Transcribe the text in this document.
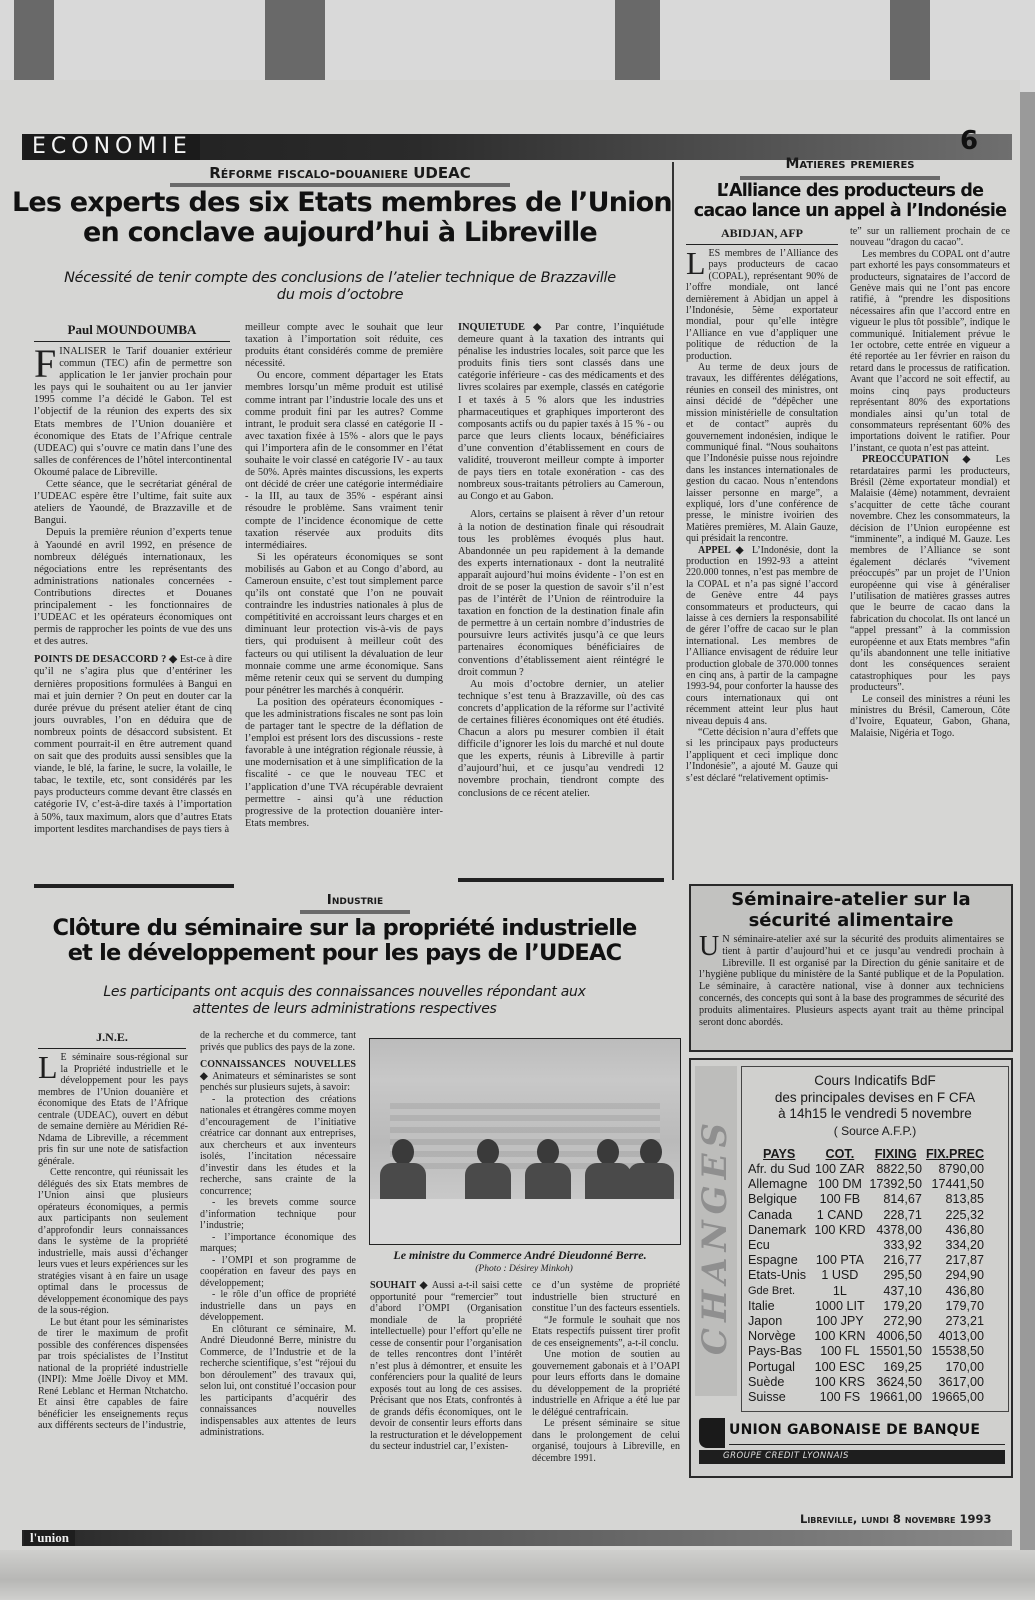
ECONOMIE	6
Réforme fiscalo-douaniere UDEAC
Les experts des six Etats membres de l’Union
en conclave aujourd’hui à Libreville
Nécessité de tenir compte des conclusions de l’atelier technique de Brazzaville
du mois d’octobre
Paul MOUNDOUMBA

FINALISER le Tarif douanier extérieur commun (TEC) afin de permettre son application le 1er janvier prochain pour les pays qui le souhaitent ou au 1er janvier 1995 comme l’a décidé le Gabon. Tel est l’objectif de la réunion des experts des six Etats membres de l’Union douanière et économique des Etats de l’Afrique centrale (UDEAC) qui s’ouvre ce matin dans l’une des salles de conférences de l’hôtel intercontinental Okoumé palace de Libreville.

Cette séance, que le secrétariat général de l’UDEAC espère être l’ultime, fait suite aux ateliers de Yaoundé, de Brazzaville et de Bangui.

Depuis la première réunion d’experts tenue à Yaoundé en avril 1992, en présence de nombreux délégués internationaux, les négociations entre les représentants des administrations nationales concernées - Contributions directes et Douanes principalement - les fonctionnaires de l’UDEAC et les opérateurs économiques ont permis de rapprocher les points de vue des uns et des autres.

POINTS DE DESACCORD ? ◆ Est-ce à dire qu’il ne s’agira plus que d’entériner les dernières propositions formulées à Bangui en mai et juin dernier ? On peut en douter car la durée prévue du présent atelier étant de cinq jours ouvrables, l’on en déduira que de nombreux points de désaccord subsistent. Et comment pourrait-il en être autrement quand on sait que des produits aussi sensibles que la viande, le blé, la farine, le sucre, la volaille, le tabac, le textile, etc, sont considérés par les pays producteurs comme devant être classés en catégorie IV, c’est-à-dire taxés à l’importation à 50%, taux maximum, alors que d’autres Etats importent lesdites marchandises de pays tiers à

meilleur compte avec le souhait que leur taxation à l’importation soit réduite, ces produits étant considérés comme de première nécessité.

Ou encore, comment départager les Etats membres lorsqu’un même produit est utilisé comme intrant par l’industrie locale des uns et comme produit fini par les autres? Comme intrant, le produit sera classé en catégorie II - avec taxation fixée à 15% - alors que le pays qui l’importera afin de le consommer en l’état souhaite le voir classé en catégorie IV - au taux de 50%. Après maintes discussions, les experts ont décidé de créer une catégorie intermédiaire - la III, au taux de 35% - espérant ainsi résoudre le problème. Sans vraiment tenir compte de l’incidence économique de cette taxation réservée aux produits dits intermédiaires.

Si les opérateurs économiques se sont mobilisés au Gabon et au Congo d’abord, au Cameroun ensuite, c’est tout simplement parce qu’ils ont constaté que l’on ne pouvait contraindre les industries nationales à plus de compétitivité en accroissant leurs charges et en diminuant leur protection vis-à-vis de pays tiers, qui produisent à meilleur coût des facteurs ou qui utilisent la dévaluation de leur monnaie comme une arme économique. Sans même retenir ceux qui se servent du dumping pour pénétrer les marchés à conquérir.

La position des opérateurs économiques - que les administrations fiscales ne sont pas loin de partager tant le spectre de la déflation de l’emploi est présent lors des discussions - reste favorable à une intégration régionale réussie, à une modernisation et à une simplification de la fiscalité - ce que le nouveau TEC et l’application d’une TVA récupérable devraient permettre - ainsi qu’à une réduction progressive de la protection douanière inter-Etats membres.

INQUIETUDE ◆ Par contre, l’inquiétude demeure quant à la taxation des intrants qui pénalise les industries locales, soit parce que les produits finis tiers sont classés dans une catégorie inférieure - cas des médicaments et des livres scolaires par exemple, classés en catégorie I et taxés à 5 % alors que les industries pharmaceutiques et graphiques importeront des composants actifs ou du papier taxés à 15 % - ou parce que leurs clients locaux, bénéficiaires d’une convention d’établissement en cours de validité, trouveront meilleur compte à importer de pays tiers en totale exonération - cas des nombreux sous-traitants pétroliers au Cameroun, au Congo et au Gabon.

Alors, certains se plaisent à rêver d’un retour à la notion de destination finale qui résoudrait tous les problèmes évoqués plus haut. Abandonnée un peu rapidement à la demande des experts internationaux - dont la neutralité apparaît aujourd’hui moins évidente - l’on est en droit de se poser la question de savoir s’il n’est pas de l’intérêt de l’Union de réintroduire la taxation en fonction de la destination finale afin de permettre à un certain nombre d’industries de poursuivre leurs activités jusqu’à ce que leurs partenaires économiques bénéficiaires de conventions d’établissement aient réintégré le droit commun ?

Au mois d’octobre dernier, un atelier technique s’est tenu à Brazzaville, où des cas concrets d’application de la réforme sur l’activité de certaines filières économiques ont été étudiés. Chacun a alors pu mesurer combien il était difficile d’ignorer les lois du marché et nul doute que les experts, réunis à Libreville à partir d’aujourd’hui, et ce jusqu’au vendredi 12 novembre prochain, tiendront compte des conclusions de ce récent atelier.

Matieres premieres
L’Alliance des producteurs de
cacao lance un appel à l’Indonésie
ABIDJAN, AFP

LES membres de l’Alliance des pays producteurs de cacao (COPAL), représentant 90% de l’offre mondiale, ont lancé dernièrement à Abidjan un appel à l’Indonésie, 5ème exportateur mondial, pour qu’elle intègre l’Alliance en vue d’appliquer une politique de réduction de la production.

Au terme de deux jours de travaux, les différentes délégations, réunies en conseil des ministres, ont ainsi décidé de “dépêcher une mission ministérielle de consultation et de contact” auprès du gouvernement indonésien, indique le communiqué final. “Nous souhaitons que l’Indonésie puisse nous rejoindre dans les instances internationales de gestion du cacao. Nous n’entendons laisser personne en marge”, a expliqué, lors d’une conférence de presse, le ministre ivoirien des Matières premières, M. Alain Gauze, qui présidait la rencontre.

APPEL ◆ L’Indonésie, dont la production en 1992-93 a atteint 220.000 tonnes, n’est pas membre de la COPAL et n’a pas signé l’accord de Genève entre 44 pays consommateurs et producteurs, qui laisse à ces derniers la responsabilité de gérer l’offre de cacao sur le plan international. Les membres de l’Alliance envisagent de réduire leur production globale de 370.000 tonnes en cinq ans, à partir de la campagne 1993-94, pour conforter la hausse des cours internationaux qui ont récemment atteint leur plus haut niveau depuis 4 ans.

“Cette décision n’aura d’effets que si les principaux pays producteurs l’appliquent et ceci implique donc l’Indonésie”, a ajouté M. Gauze qui s’est déclaré “relativement optimis-

te” sur un ralliement prochain de ce nouveau “dragon du cacao”.

Les membres du COPAL ont d’autre part exhorté les pays consommateurs et producteurs, signataires de l’accord de Genève mais qui ne l’ont pas encore ratifié, à “prendre les dispositions nécessaires afin que l’accord entre en vigueur le plus tôt possible”, indique le communiqué. Initialement prévue le 1er octobre, cette entrée en vigueur a été reportée au 1er février en raison du retard dans le processus de ratification. Avant que l’accord ne soit effectif, au moins cinq pays producteurs représentant 80% des exportations mondiales ainsi qu’un total de consommateurs représentant 60% des importations doivent le ratifier. Pour l’instant, ce quota n’est pas atteint.

PREOCCUPATION ◆ Les retardataires parmi les producteurs, Brésil (2ème exportateur mondial) et Malaisie (4ème) notamment, devraient s’acquitter de cette tâche courant novembre. Chez les consommateurs, la décision de l’Union européenne est “imminente”, a indiqué M. Gauze. Les membres de l’Alliance se sont également déclarés “vivement préoccupés” par un projet de l’Union européenne qui vise à généraliser l’utilisation de matières grasses autres que le beurre de cacao dans la fabrication du chocolat. Ils ont lancé un “appel pressant” à la commission européenne et aux Etats membres “afin qu’ils abandonnent une telle initiative dont les conséquences seraient catastrophiques pour les pays producteurs”.

Le conseil des ministres a réuni les ministres du Brésil, Cameroun, Côte d’Ivoire, Equateur, Gabon, Ghana, Malaisie, Nigéria et Togo.

Séminaire-atelier sur la
sécurité alimentaire
U N séminaire-atelier axé sur la sécurité des produits alimentaires se tient à partir d’aujourd’hui et ce jusqu’au vendredi prochain à Libreville. Il est organisé par la Direction du génie sanitaire et de l’hygiène publique du ministère de la Santé publique et de la Population. Le séminaire, à caractère national, vise à donner aux techniciens concernés, des concepts qui sont à la base des programmes de sécurité des produits alimentaires. Plusieurs aspects ayant trait au thème principal seront donc abordés.
Industrie
Clôture du séminaire sur la propriété industrielle
et le développement pour les pays de l’UDEAC
Les participants ont acquis des connaissances nouvelles répondant aux
attentes de leurs administrations respectives
J.N.E.

L E séminaire sous-régional sur la Propriété industrielle et le développement pour les pays membres de l’Union douanière et économique des Etats de l’Afrique centrale (UDEAC), ouvert en début de semaine dernière au Méridien Ré-Ndama de Libreville, a récemment pris fin sur une note de satisfaction générale.

Cette rencontre, qui réunissait les délégués des six Etats membres de l’Union ainsi que plusieurs opérateurs économiques, a permis aux participants non seulement d’approfondir leurs connaissances dans le système de la propriété industrielle, mais aussi d’échanger leurs vues et leurs expériences sur les stratégies visant à en faire un usage optimal dans le processus de développement économique des pays de la sous-région.

Le but étant pour les séminaristes de tirer le maximum de profit possible des conférences dispensées par trois spécialistes de l’Institut national de la propriété industrielle (INPI): Mme Joëlle Divoy et MM. René Leblanc et Herman Ntchatcho. Et ainsi être capables de faire bénéficier les enseignements reçus aux différents secteurs de l’industrie,

de la recherche et du commerce, tant privés que publics des pays de la zone.

CONNAISSANCES NOUVELLES ◆ Animateurs et séminaristes se sont penchés sur plusieurs sujets, à savoir:

- la protection des créations nationales et étrangères comme moyen d’encouragement de l’initiative créatrice car donnant aux entreprises, aux chercheurs et aux inventeurs isolés, l’incitation nécessaire d’investir dans les études et la recherche, sans crainte de la concurrence;

- les brevets comme source d’information technique pour l’industrie;

- l’importance économique des marques;

- l’OMPI et son programme de coopération en faveur des pays en développement;

- le rôle d’un office de propriété industrielle dans un pays en développement.

En clôturant ce séminaire, M. André Dieudonné Berre, ministre du Commerce, de l’Industrie et de la recherche scientifique, s’est “réjoui du bon déroulement” des travaux qui, selon lui, ont constitué l’occasion pour les participants d’acquérir des connaissances nouvelles indispensables aux attentes de leurs administrations.

Le ministre du Commerce André Dieudonné Berre.
(Photo : Désirey Minkoh)

SOUHAIT ◆ Aussi a-t-il saisi cette opportunité pour “remercier” tout d’abord l’OMPI (Organisation mondiale de la propriété intellectuelle) pour l’effort qu’elle ne cesse de consentir pour l’organisation de telles rencontres dont l’intérêt n’est plus à démontrer, et ensuite les conférenciers pour la qualité de leurs exposés tout au long de ces assises. Précisant que nos Etats, confrontés à de grands défis économiques, ont le devoir de consentir leurs efforts dans la restructuration et le développement du secteur industriel car, l’existen-

ce d’un système de propriété industrielle bien structuré en constitue l’un des facteurs essentiels.

“Je formule le souhait que nos Etats respectifs puissent tirer profit de ces enseignements”, a-t-il conclu.

Une motion de soutien au gouvernement gabonais et à l’OAPI pour leurs efforts dans le domaine du développement de la propriété industrielle en Afrique a été lue par le délégué centrafricain.

Le présent séminaire se situe dans le prolongement de celui organisé, toujours à Libreville, en décembre 1991.

CHANGES
Cours Indicatifs BdF
des principales devises en F CFA
à 14h15 le vendredi 5 novembre
( Source A.F.P.)
PAYS	COT.	FIXING	FIX.PREC
Afr. du Sud	100 ZAR	8822,50	8790,00
Allemagne	100 DM	17392,50	17441,50
Belgique	100 FB	814,67	813,85
Canada	1 CAND	228,71	225,32
Danemark	100 KRD	4378,00	436,80
Ecu		333,92	334,20
Espagne	100 PTA	216,77	217,87
Etats-Unis	1 USD	295,50	294,90
Gde Bret.	1L	437,10	436,80
Italie	1000 LIT	179,20	179,70
Japon	100 JPY	272,90	273,21
Norvège	100 KRN	4006,50	4013,00
Pays-Bas	100 FL	15501,50	15538,50
Portugal	100 ESC	169,25	170,00
Suède	100 KRS	3624,50	3617,00
Suisse	100 FS	19661,00	19665,00
UNION GABONAISE DE BANQUE
GROUPE CREDIT LYONNAIS
l'union
Libreville, lundi 8 novembre 1993
